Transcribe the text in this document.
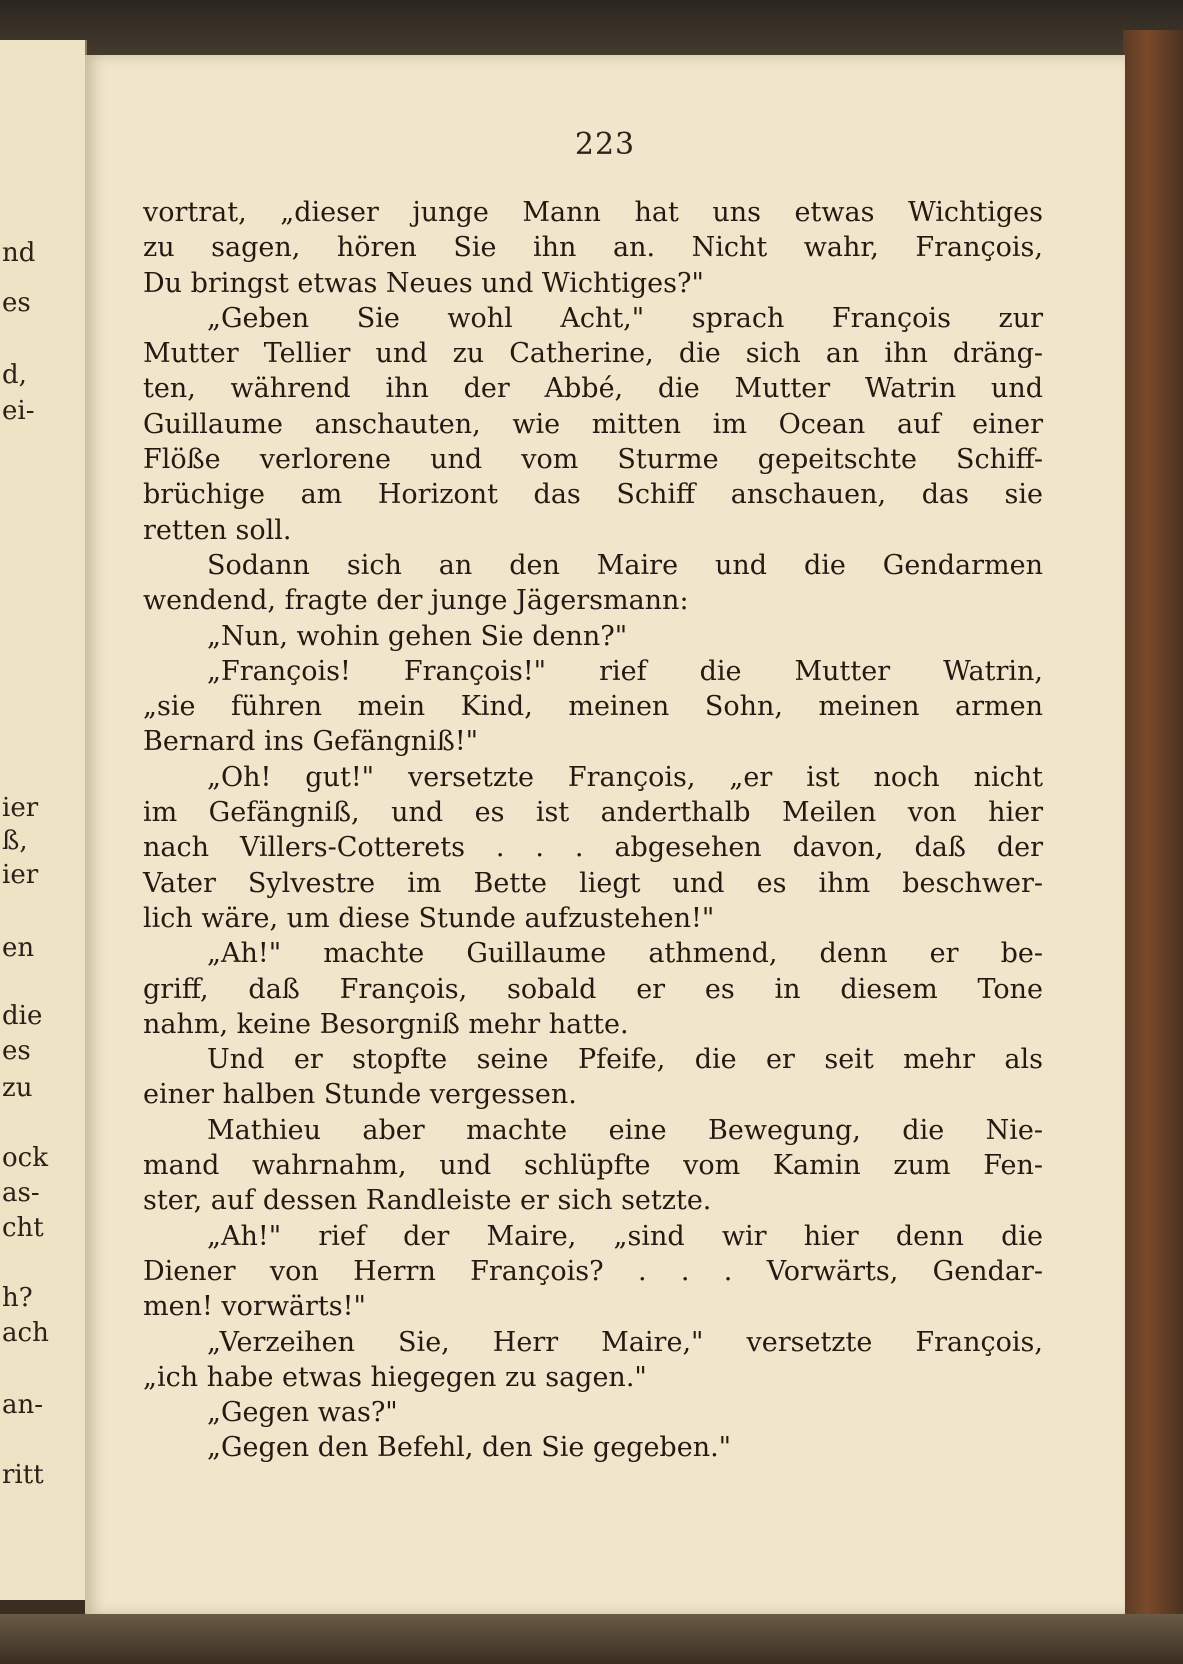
nd
es
d,
ei-
ier
ß,
ier
en
die
es
zu
ock
as-
cht
h?
ach
an-
ritt
223
vortrat, „dieser junge Mann hat uns etwas Wichtiges
zu sagen, hören Sie ihn an. Nicht wahr, François,
Du bringst etwas Neues und Wichtiges?"
„Geben Sie wohl Acht," sprach François zur
Mutter Tellier und zu Catherine, die sich an ihn dräng-
ten, während ihn der Abbé, die Mutter Watrin und
Guillaume anschauten, wie mitten im Ocean auf einer
Flöße verlorene und vom Sturme gepeitschte Schiff-
brüchige am Horizont das Schiff anschauen, das sie
retten soll.
Sodann sich an den Maire und die Gendarmen
wendend, fragte der junge Jägersmann:
„Nun, wohin gehen Sie denn?"
„François! François!" rief die Mutter Watrin,
„sie führen mein Kind, meinen Sohn, meinen armen
Bernard ins Gefängniß!"
„Oh! gut!" versetzte François, „er ist noch nicht
im Gefängniß, und es ist anderthalb Meilen von hier
nach Villers-Cotterets . . . abgesehen davon, daß der
Vater Sylvestre im Bette liegt und es ihm beschwer-
lich wäre, um diese Stunde aufzustehen!"
„Ah!" machte Guillaume athmend, denn er be-
griff, daß François, sobald er es in diesem Tone
nahm, keine Besorgniß mehr hatte.
Und er stopfte seine Pfeife, die er seit mehr als
einer halben Stunde vergessen.
Mathieu aber machte eine Bewegung, die Nie-
mand wahrnahm, und schlüpfte vom Kamin zum Fen-
ster, auf dessen Randleiste er sich setzte.
„Ah!" rief der Maire, „sind wir hier denn die
Diener von Herrn François? . . . Vorwärts, Gendar-
men! vorwärts!"
„Verzeihen Sie, Herr Maire," versetzte François,
„ich habe etwas hiegegen zu sagen."
„Gegen was?"
„Gegen den Befehl, den Sie gegeben."
